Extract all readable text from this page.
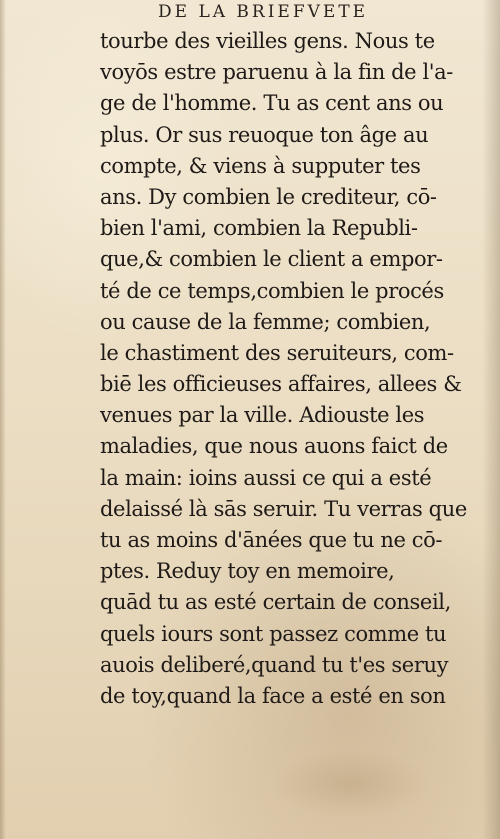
DE LA BRIEFVETE
tourbe des vieilles gens. Nous te
voyōs estre paruenu à la fin de l'a-
ge de l'homme. Tu as cent ans ou
plus. Or sus reuoque ton âge au
compte, & viens à supputer tes
ans. Dy combien le crediteur, cō-
bien l'ami, combien la Republi-
que,& combien le client a empor-
té de ce temps,combien le procés
ou cause de la femme; combien,
le chastiment des seruiteurs, com-
biē les officieuses affaires, allees &
venues par la ville. Adiouste les
maladies, que nous auons faict de
la main: ioins aussi ce qui a esté
delaissé là sās seruir. Tu verras que
tu as moins d'ānées que tu ne cō-
ptes. Reduy toy en memoire,
quād tu as esté certain de conseil,
quels iours sont passez comme tu
auois deliberé,quand tu t'es seruy
de toy,quand la face a esté en son
